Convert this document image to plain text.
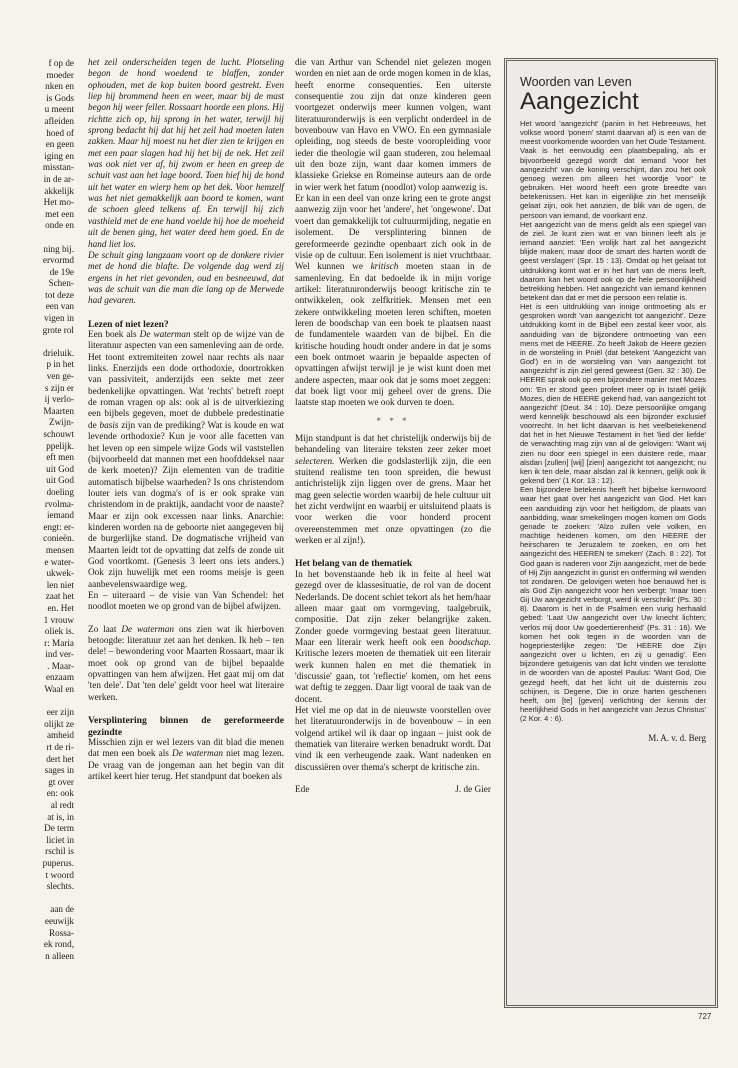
f op de
moeder
nken en
is Gods
u meent
afleiden
hoed of
en geen
iging en
misstan-
in de ar-
akkelijk
Het mo-
met een
onde en

ning bij.
ervormd
de 19e
Schen-
tot deze
een van
vigen in
grote rol

drieluik.
p in het
ven ge-
s zijn er
ij verlo-
Maarten
Zwijn-
schouwt
ppelijk.
eft men
uit God
uit God
doeling
rvolma-
iemand
engt: er-
conieën.
mensen
e water-
ukwek-
len niet
zaat het
en. Het
1 vrouw
oliek is.
r: Maria
ind ver-
. Maar-
enzaam
Waal en

eer zijn
olijkt ze
amheid
rt de ri-
dert het
sages in
gt over
en: ook
al redt
at is, in
De term
liciet in
rschil is
puperus.
t woord
slechts.

aan de
eeuwijk
Rossa-
ek rond,
n alleen

het zeil onderscheiden tegen de lucht. Plotseling begon de hond woedend te blaffen, zonder ophouden, met de kop buiten boord gestrekt. Even liep hij brommend heen en weer, maar bij de mast begon hij weer feller. Rossaart hoorde een plons. Hij richtte zich op, hij sprong in het water, terwijl hij sprong bedacht hij dat hij het zeil had moeten laten zakken. Maar hij moest nu het dier zien te krijgen en met een paar slagen had hij het bij de nek. Het zeil was ook niet ver af, hij zwom er heen en greep de schuit vast aan het lage boord. Toen hief hij de hond uit het water en wierp hem op het dek. Voor hemzelf was het niet gemakkelijk aan boord te komen, want de schoen gleed telkens af. En terwijl hij zich vasthield met de ene hand voelde hij hoe de moeheid uit de benen ging, het water deed hem goed. En de hand liet los.

De schuit ging langzaam voort op de donkere rivier met de hond die blafte. De volgende dag werd zij ergens in het riet gevonden, oud en besneeuwd, dat was de schuit van die man die lang op de Merwede had gevaren.

Lezen of niet lezen?

Een boek als De waterman stelt op de wijze van de literatuur aspecten van een samenleving aan de orde. Het toont extremiteiten zowel naar rechts als naar links. Enerzijds een dode orthodoxie, doortrokken van passiviteit, anderzijds een sekte met zeer bedenkelijke opvattingen. Wat 'rechts' betreft roept de roman vragen op als: ook al is de uitverkiezing een bijbels gegeven, moet de dubbele predestinatie de basis zijn van de prediking? Wat is koude en wat levende orthodoxie? Kun je voor alle facetten van het leven op een simpele wijze Gods wil vaststellen (bijvoorbeeld dat mannen met een hoofddeksel naar de kerk moeten)? Zijn elementen van de traditie automatisch bijbelse waarheden? Is ons christendom louter iets van dogma's of is er ook sprake van christendom in de praktijk, aandacht voor de naaste? Maar er zijn ook excessen naar links. Anarchie: kinderen worden na de geboorte niet aangegeven bij de burgerlijke stand. De dogmatische vrijheid van Maarten leidt tot de opvatting dat zelfs de zonde uit God voortkomt. (Genesis 3 leert ons iets anders.) Ook zijn huwelijk met een rooms meisje is geen aanbevelenswaardige weg.

En – uiteraard – de visie van Van Schendel: het noodlot moeten we op grond van de bijbel afwijzen.

Zo laat De waterman ons zien wat ik hierboven betoogde: literatuur zet aan het denken. Ik heb – ten dele! – bewondering voor Maarten Rossaart, maar ik moet ook op grond van de bijbel bepaalde opvattingen van hem afwijzen. Het gaat mij om dat 'ten dele'. Dat 'ten dele' geldt voor heel wat literaire werken.

Versplintering binnen de gereformeerde gezindte

Misschien zijn er wel lezers van dit blad die menen dat men een boek als De waterman niet mag lezen. De vraag van de jongeman aan het begin van dit artikel keert hier terug. Het standpunt dat boeken als

die van Arthur van Schendel niet gelezen mogen worden en niet aan de orde mogen komen in de klas, heeft enorme consequenties. Een uiterste consequentie zou zijn dat onze kinderen geen voortgezet onderwijs meer kunnen volgen, want literatuuronderwijs is een verplicht onderdeel in de bovenbouw van Havo en VWO. En een gymnasiale opleiding, nog steeds de beste vooropleiding voor ieder die theologie wil gaan studeren, zou helemaal uit den boze zijn, want daar komen immers de klassieke Griekse en Romeinse auteurs aan de orde in wier werk het fatum (noodlot) volop aanwezig is.

Er kan in een deel van onze kring een te grote angst aanwezig zijn voor het 'andere', het 'ongewone'. Dat voert dan gemakkelijk tot cultuurmijding, negatie en isolement. De versplintering binnen de gereformeerde gezindte openbaart zich ook in de visie op de cultuur. Een isolement is niet vruchtbaar. Wel kunnen we kritisch moeten staan in de samenleving. En dat bedoelde ik in mijn vorige artikel: literatuuronderwijs beoogt kritische zin te ontwikkelen, ook zelfkritiek. Mensen met een zekere ontwikkeling moeten leren schiften, moeten leren de boodschap van een boek te plaatsen naast de fundamentele waarden van de bijbel. En die kritische houding houdt onder andere in dat je soms een boek ontmoet waarin je bepaalde aspecten of opvattingen afwijst terwijl je je wist kunt doen met andere aspecten, maar ook dat je soms moet zeggen: dat boek ligt voor mij geheel over de grens. Die laatste stap moeten we ook durven te doen.

* * *

Mijn standpunt is dat het christelijk onderwijs bij de behandeling van literaire teksten zeer zeker moet selecteren. Werken die godslasterlijk zijn, die een stuitend realisme ten toon spreiden, die bewust antichristelijk zijn liggen over de grens. Maar het mag geen selectie worden waarbij de hele cultuur uit het zicht verdwijnt en waarbij er uitsluitend plaats is voor werken die voor honderd procent overeenstemmen met onze opvattingen (zo die werken er al zijn!).

Het belang van de thematiek

In het bovenstaande heb ik in feite al heel wat gezegd over de klassesituatie, de rol van de docent Nederlands. De docent schiet tekort als het hem/haar alleen maar gaat om vormgeving, taalgebruik, compositie. Dat zijn zeker belangrijke zaken. Zonder goede vormgeving bestaat geen literatuur. Maar een literair werk heeft ook een boodschap. Kritische lezers moeten de thematiek uit een literair werk kunnen halen en met die thematiek in 'discussie' gaan, tot 'reflectie' komen, om het eens wat deftig te zeggen. Daar ligt vooral de taak van de docent.

Het viel me op dat in de nieuwste voorstellen over het literatuuronderwijs in de bovenbouw – in een volgend artikel wil ik daar op ingaan – juist ook de thematiek van literaire werken benadrukt wordt. Dat vind ik een verheugende zaak. Want nadenken en discussiëren over thema's scherpt de kritische zin.

Ede	J. de Gier
Woorden van Leven
Aangezicht

Het woord 'aangezicht' (panim in het Hebreeuws, het volkse woord 'ponem' stamt daarvan af) is een van de meest voorkomende woorden van het Oude Testament. Vaak is het eenvoudig een plaatsbepaling, als er bijvoorbeeld gezegd wordt dat iemand 'voor het aangezicht' van de koning verschijnt, dan zou het ook genoeg wezen om alleen het woordje 'voor' te gebruiken. Het woord heeft een grote breedte van betekenissen. Het kan in eigenlijke zin het menselijk gelaat zijn, ook het aanzien, de blik van de ogen, de persoon van iemand, de voorkant enz.

Het aangezicht van de mens geldt als een spiegel van de ziel. Je kunt zien wat er van binnen leeft als je iemand aanziet: 'Een vrolijk hart zal het aangezicht blijde maken; maar door de smart des harten wordt de geest verslagen' (Spr. 15 : 13). Omdat op het gelaat tot uitdrukking komt wat er in het hart van de mens leeft, daarom kan het woord ook op de hele persoonlijkheid betrekking hebben. Het aangezicht van iemand kennen betekent dan dat er met die persoon een relatie is.

Het is een uitdrukking van innige ontmoeting als er gesproken wordt 'van aangezicht tot aangezicht'. Deze uitdrukking komt in de Bijbel een zestal keer voor, als aanduiding van de bijzondere ontmoeting van een mens met de HEERE. Zo heeft Jakob de Heere gezien in de worsteling in Pniël (dat betekent 'Aangezicht van God') en in de worsteling van 'van aangezicht tot aangezicht' is zijn ziel gered geweest (Gen. 32 : 30). De HEERE sprak ook op een bijzondere manier met Mozes om: 'En er stond geen profeet meer op in Israël gelijk Mozes, dien de HEERE gekend had, van aangezicht tot aangezicht' (Deut. 34 : 10). Deze persoonlijke omgang werd kennelijk beschouwd als een bijzonder exclusief voorrecht. In het licht daarvan is het veelbetekenend dat het in het Nieuwe Testament in het 'lied der liefde' de verwachting mag zijn van al de gelovigen: 'Want wij zien nu door een spiegel in een duistere rede, maar alsdan [zullen] [wij] [zien] aangezicht tot aangezicht; nu ken ik ten dele, maar alsdan zal ik kennen, gelijk ook ik gekend ben' (1 Kor. 13 : 12).

Een bijzondere betekenis heeft het bijbelse kernwoord waar het gaat over het aangezicht van God. Het kan een aanduiding zijn voor het heiligdom, de plaats van aanbidding, waar smekelingen mogen komen om Gods genade te zoeken: 'Alzo zullen vele volken, en machtige heidenen komen, om den HEERE der heirscharen te Jeruzalem te zoeken, en om het aangezicht des HEEREN te smeken' (Zach. 8 : 22). Tot God gaan is naderen voor Zijn aangezicht, met de bede of Hij Zijn aangezicht in gunst en ontferming wil wenden tot zondaren. De gelovigen weten hoe benauwd het is als God Zijn aangezicht voor hen verbergt: 'maar toen Gij Uw aangezicht verborgt, werd ik verschrikt' (Ps. 30 : 8). Daarom is het in de Psalmen een vurig herhaald gebed: 'Laat Uw aangezicht over Uw knecht lichten; verlos mij door Uw goedertierenheid' (Ps. 31 : 16). We komen het ook tegen in de woorden van de hogepriesterlijke zegen: 'De HEERE doe Zijn aangezicht over u lichten, en zij u genadig'. Een bijzondere getuigenis van dat licht vinden we tenslotte in de woorden van de apostel Paulus: 'Want God, Die gezegd heeft, dat het licht uit de duisternis zou schijnen, is Degene, Die in onze harten geschenen heeft, om [te] [geven] verlichting der kennis der heerlijkheid Gods in het aangezicht van Jezus Christus' (2 Kor. 4 : 6).

M. A. v. d. Berg
727
